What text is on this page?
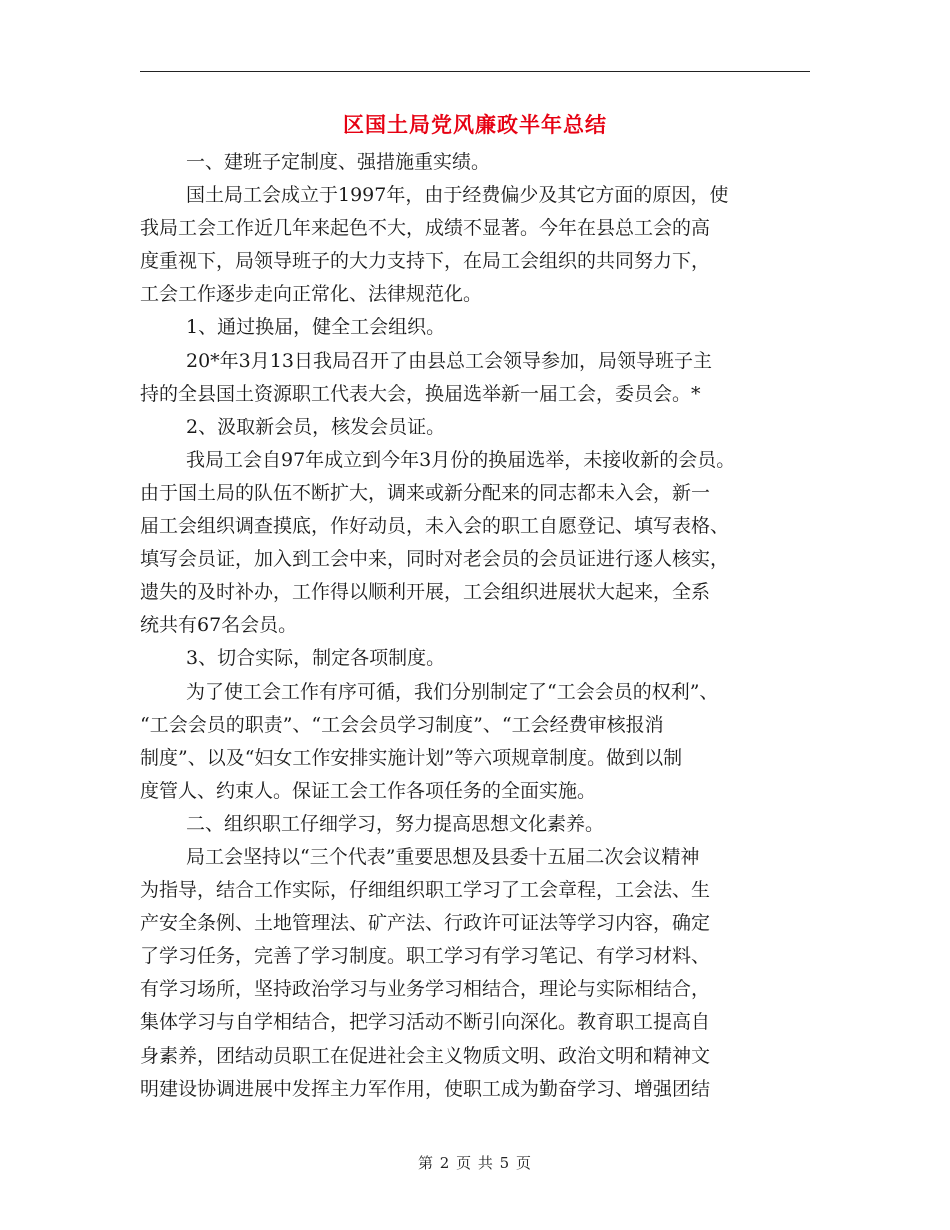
区国土局党风廉政半年总结
一、建班子定制度、强措施重实绩。
国土局工会成立于1997年，由于经费偏少及其它方面的原因，使
我局工会工作近几年来起色不大，成绩不显著。今年在县总工会的高
度重视下，局领导班子的大力支持下，在局工会组织的共同努力下，
工会工作逐步走向正常化、法律规范化。
1、通过换届，健全工会组织。
20*年3月13日我局召开了由县总工会领导参加，局领导班子主
持的全县国土资源职工代表大会，换届选举新一届工会，委员会。*
2、汲取新会员，核发会员证。
我局工会自97年成立到今年3月份的换届选举，未接收新的会员。
由于国土局的队伍不断扩大，调来或新分配来的同志都未入会，新一
届工会组织调查摸底，作好动员，未入会的职工自愿登记、填写表格、
填写会员证，加入到工会中来，同时对老会员的会员证进行逐人核实，
遗失的及时补办，工作得以顺利开展，工会组织进展状大起来，全系
统共有67名会员。
3、切合实际，制定各项制度。
为了使工会工作有序可循，我们分别制定了“工会会员的权利”、
“工会会员的职责”、“工会会员学习制度”、“工会经费审核报消
制度”、以及“妇女工作安排实施计划”等六项规章制度。做到以制
度管人、约束人。保证工会工作各项任务的全面实施。
二、组织职工仔细学习，努力提高思想文化素养。
局工会坚持以“三个代表”重要思想及县委十五届二次会议精神
为指导，结合工作实际，仔细组织职工学习了工会章程，工会法、生
产安全条例、土地管理法、矿产法、行政许可证法等学习内容，确定
了学习任务，完善了学习制度。职工学习有学习笔记、有学习材料、
有学习场所，坚持政治学习与业务学习相结合，理论与实际相结合，
集体学习与自学相结合，把学习活动不断引向深化。教育职工提高自
身素养，团结动员职工在促进社会主义物质文明、政治文明和精神文
明建设协调进展中发挥主力军作用，使职工成为勤奋学习、增强团结
第 2 页 共 5 页
